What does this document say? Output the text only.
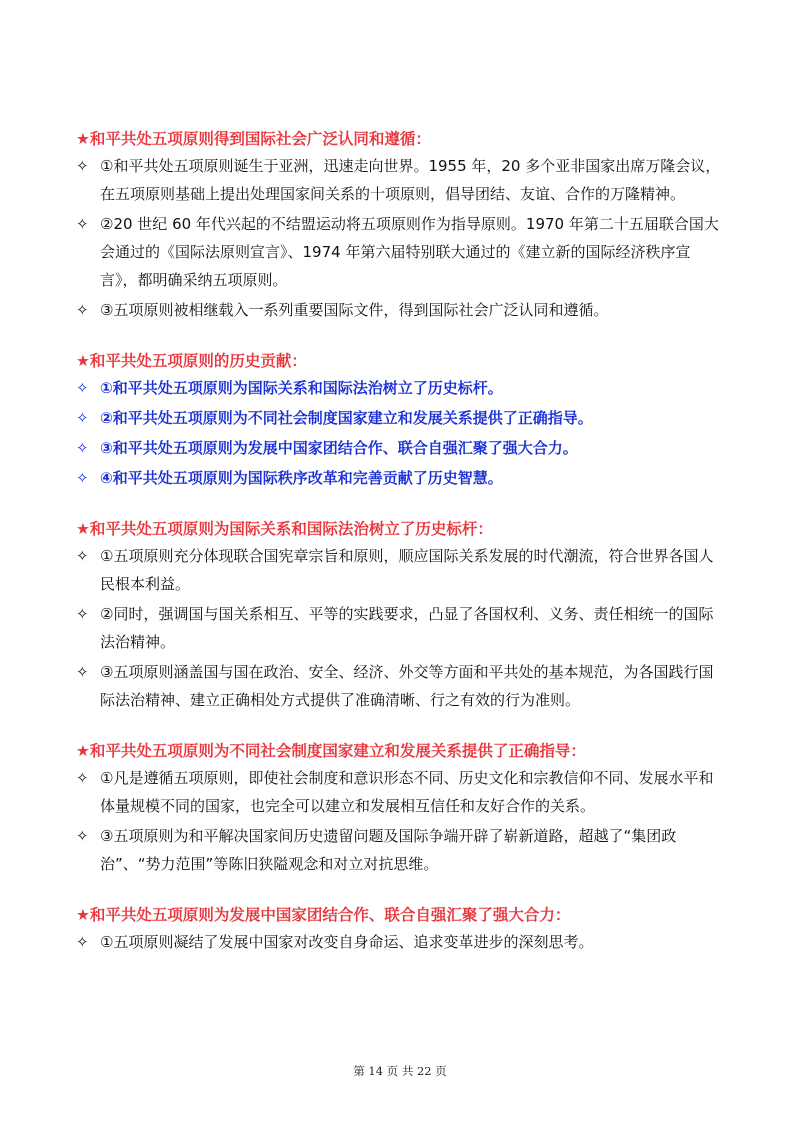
★和平共处五项原则得到国际社会广泛认同和遵循：
✧ ①和平共处五项原则诞生于亚洲，迅速走向世界。1955 年，20 多个亚非国家出席万隆会议，在五项原则基础上提出处理国家间关系的十项原则，倡导团结、友谊、合作的万隆精神。
✧ ②20 世纪 60 年代兴起的不结盟运动将五项原则作为指导原则。1970 年第二十五届联合国大会通过的《国际法原则宣言》、1974 年第六届特别联大通过的《建立新的国际经济秩序宣言》，都明确采纳五项原则。
✧ ③五项原则被相继载入一系列重要国际文件，得到国际社会广泛认同和遵循。
★和平共处五项原则的历史贡献：
✧ ①和平共处五项原则为国际关系和国际法治树立了历史标杆。
✧ ②和平共处五项原则为不同社会制度国家建立和发展关系提供了正确指导。
✧ ③和平共处五项原则为发展中国家团结合作、联合自强汇聚了强大合力。
✧ ④和平共处五项原则为国际秩序改革和完善贡献了历史智慧。
★和平共处五项原则为国际关系和国际法治树立了历史标杆：
✧ ①五项原则充分体现联合国宪章宗旨和原则，顺应国际关系发展的时代潮流，符合世界各国人民根本利益。
✧ ②同时，强调国与国关系相互、平等的实践要求，凸显了各国权利、义务、责任相统一的国际法治精神。
✧ ③五项原则涵盖国与国在政治、安全、经济、外交等方面和平共处的基本规范，为各国践行国际法治精神、建立正确相处方式提供了准确清晰、行之有效的行为准则。
★和平共处五项原则为不同社会制度国家建立和发展关系提供了正确指导：
✧ ①凡是遵循五项原则，即使社会制度和意识形态不同、历史文化和宗教信仰不同、发展水平和体量规模不同的国家，也完全可以建立和发展相互信任和友好合作的关系。
✧ ③五项原则为和平解决国家间历史遗留问题及国际争端开辟了崭新道路，超越了“集团政治”、“势力范围”等陈旧狭隘观念和对立对抗思维。
★和平共处五项原则为发展中国家团结合作、联合自强汇聚了强大合力：
✧ ①五项原则凝结了发展中国家对改变自身命运、追求变革进步的深刻思考。
第 14 页 共 22 页
